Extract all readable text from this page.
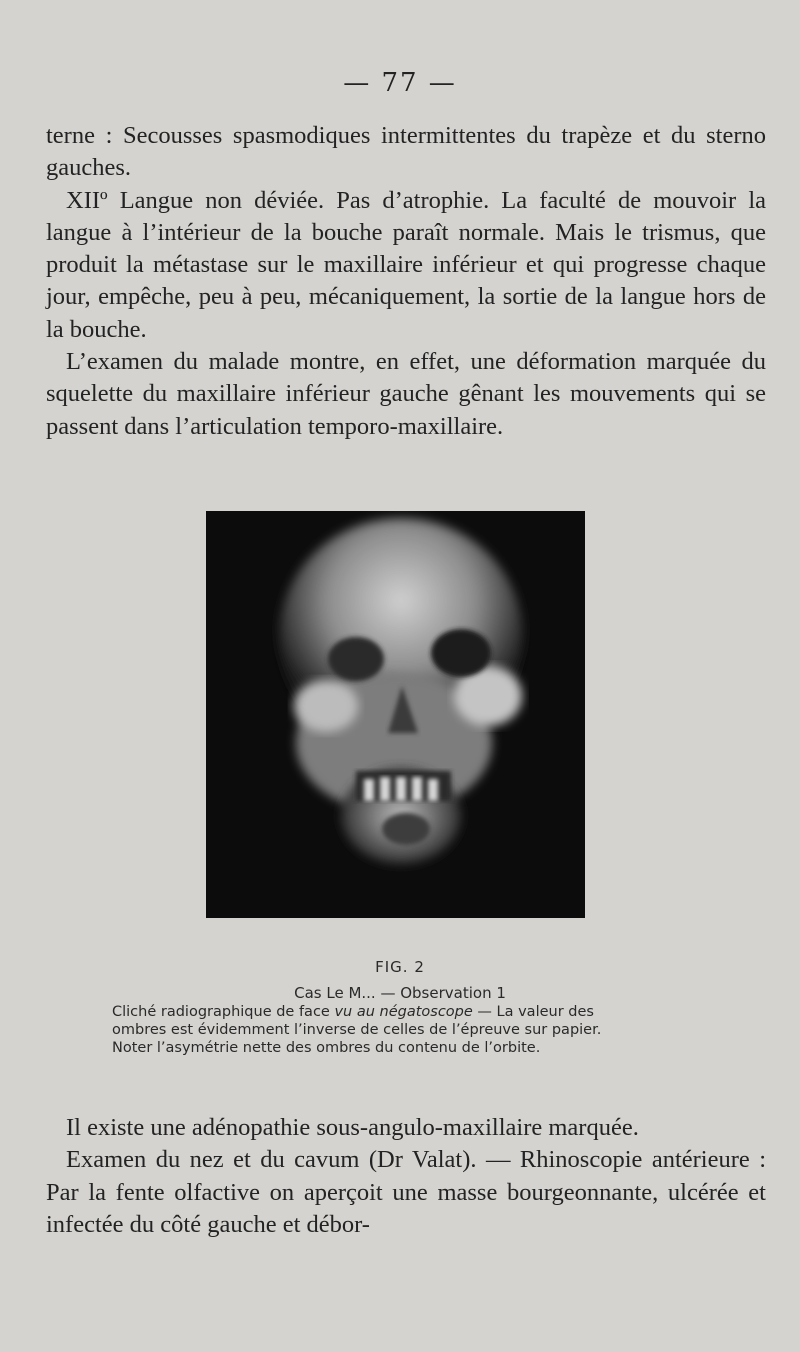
— 77 —

terne : Secousses spasmodiques intermittentes du trapèze et du sterno gauches.

XIIº Langue non déviée. Pas d’atrophie. La faculté de mouvoir la langue à l’intérieur de la bouche paraît normale. Mais le trismus, que produit la métastase sur le maxillaire inférieur et qui progresse chaque jour, empêche, peu à peu, mécaniquement, la sortie de la langue hors de la bouche.

L’examen du malade montre, en effet, une déformation marquée du squelette du maxillaire inférieur gauche gênant les mouvements qui se passent dans l’articulation temporo-maxillaire.

FIG. 2
Cas Le M... — Observation 1

Cliché radiographique de face vu au négatoscope — La valeur des

ombres est évidemment l’inverse de celles de l’épreuve sur papier.

Noter l’asymétrie nette des ombres du contenu de l’orbite.

Il existe une adénopathie sous-angulo-maxillaire marquée.

Examen du nez et du cavum (Dr Valat). — Rhinoscopie antérieure : Par la fente olfactive on aperçoit une masse bourgeonnante, ulcérée et infectée du côté gauche et débor-
